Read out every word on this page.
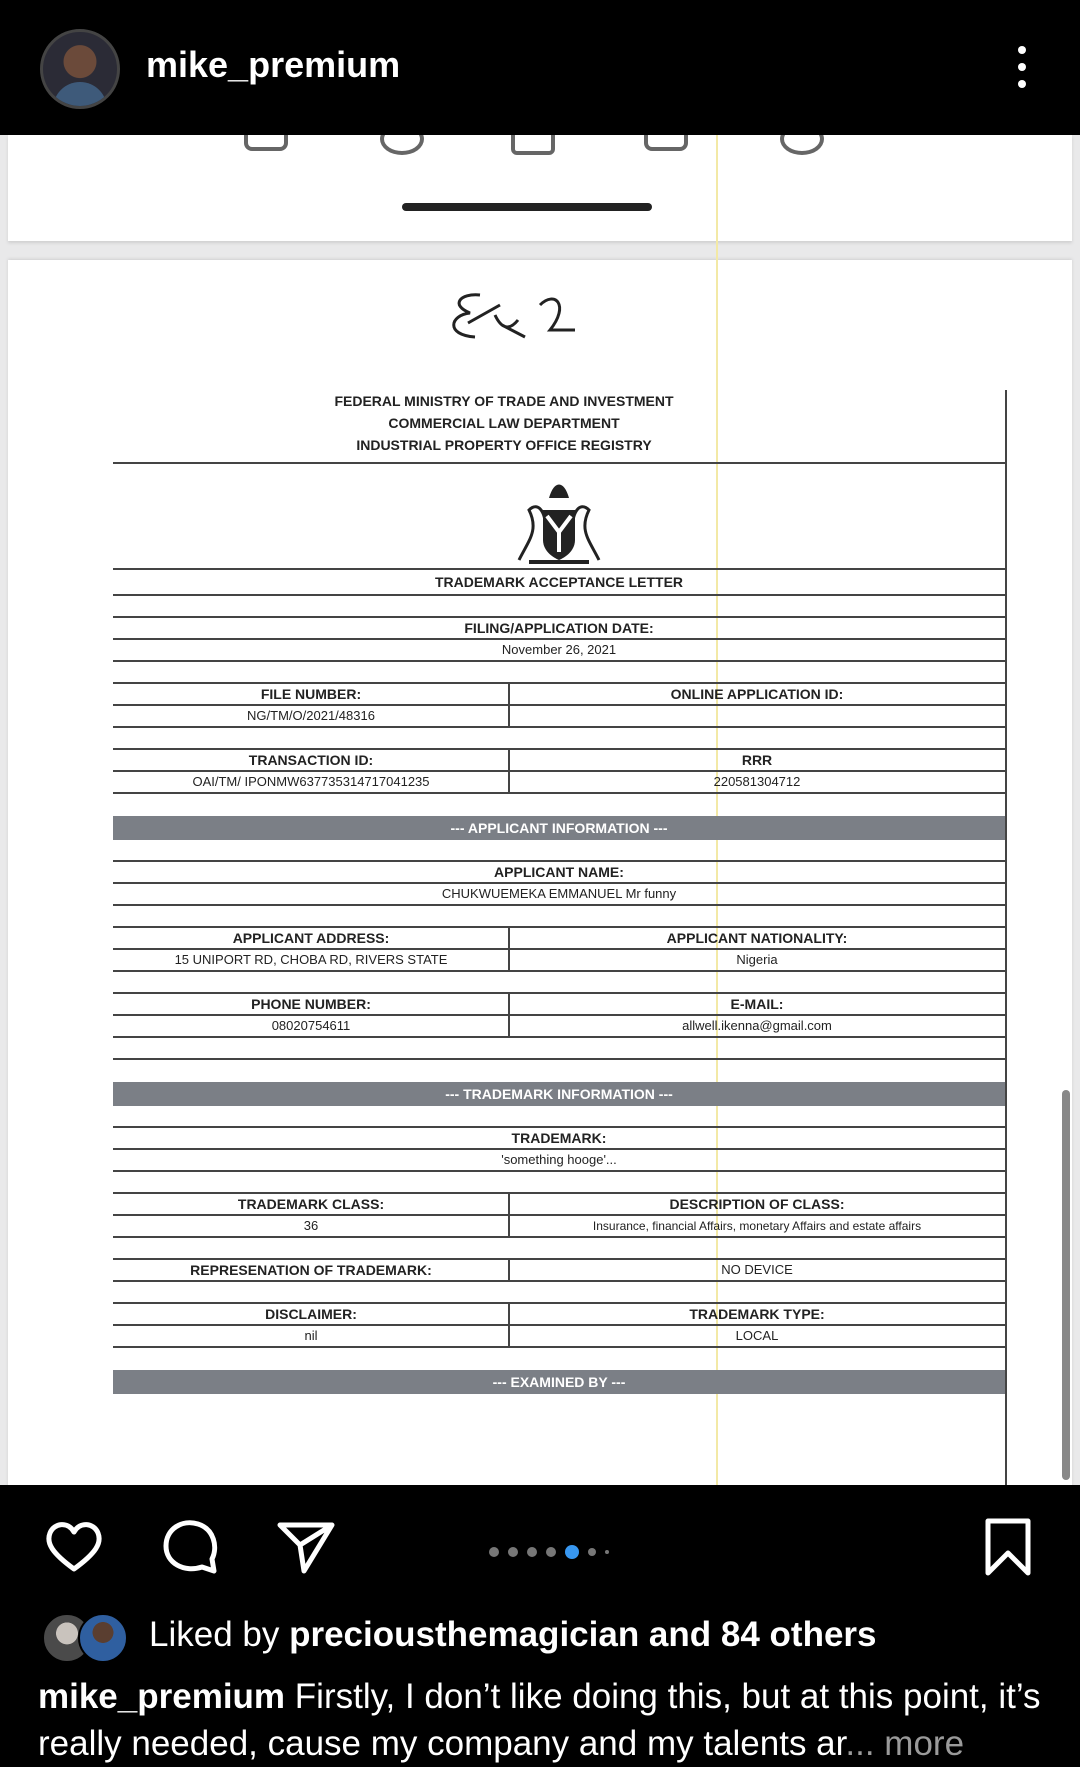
mike_premium
FEDERAL MINISTRY OF TRADE AND INVESTMENT
COMMERCIAL LAW DEPARTMENT
INDUSTRIAL PROPERTY OFFICE REGISTRY
TRADEMARK ACCEPTANCE LETTER
FILING/APPLICATION DATE:
November 26, 2021
FILE NUMBER:	ONLINE APPLICATION ID:
NG/TM/O/2021/48316
TRANSACTION ID:	RRR
OAI/TM/ IPONMW637735314717041235	220581304712
--- APPLICANT INFORMATION ---
APPLICANT NAME:
CHUKWUEMEKA EMMANUEL Mr funny
APPLICANT ADDRESS:	APPLICANT NATIONALITY:
15 UNIPORT RD, CHOBA RD, RIVERS STATE	Nigeria
PHONE NUMBER:	E-MAIL:
08020754611	allwell.ikenna@gmail.com
--- TRADEMARK INFORMATION ---
TRADEMARK:
'something hooge'...
TRADEMARK CLASS:	DESCRIPTION OF CLASS:
36	Insurance, financial Affairs, monetary Affairs and estate affairs
REPRESENATION OF TRADEMARK:	NO DEVICE
DISCLAIMER:	TRADEMARK TYPE:
nil	LOCAL
--- EXAMINED BY ---
Liked by preciousthemagician and 84 others
mike_premium Firstly, I don’t like doing this, but at this point, it’s really needed, cause my company and my talents ar... more
